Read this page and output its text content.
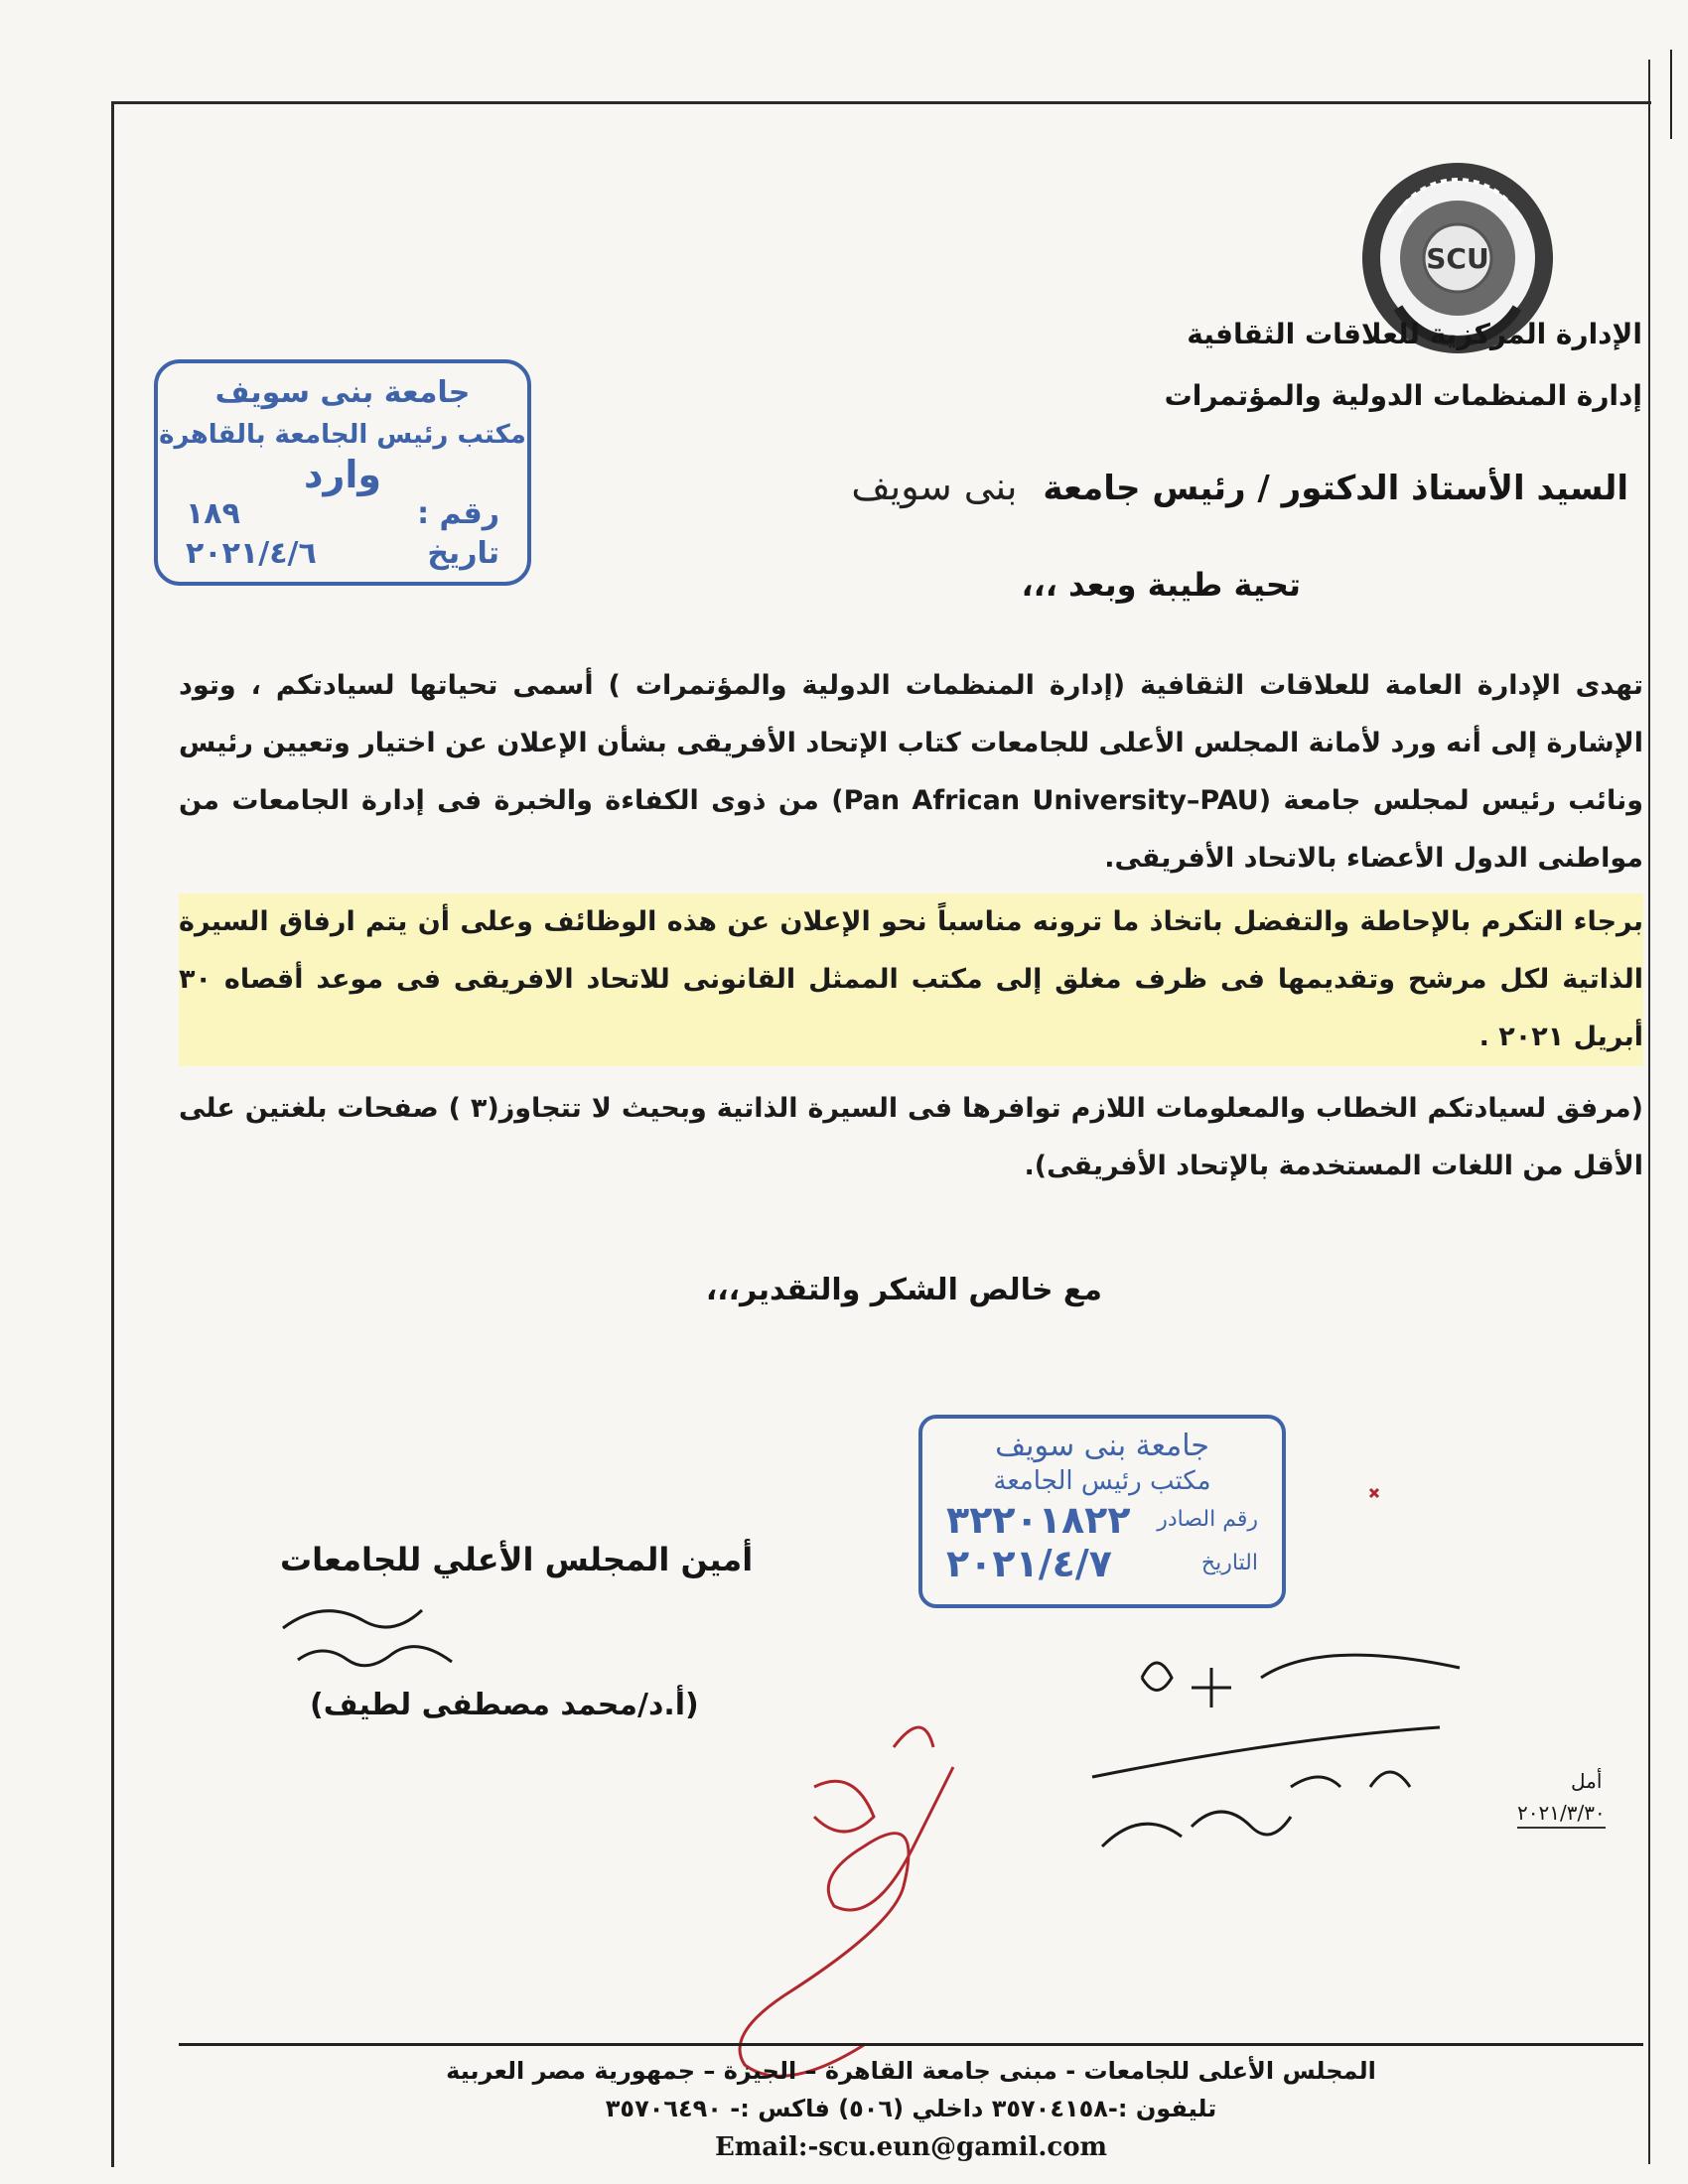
SCU
الإدارة المركزية للعلاقات الثقافية
إدارة المنظمات الدولية والمؤتمرات
جامعة بنى سويف
مكتب رئيس الجامعة بالقاهرة
وارد
رقم :
١٨٩
تاريخ
٢٠٢١/٤/٦
السيد الأستاذ الدكتور / رئيس جامعة بنى سويف
تحية طيبة وبعد ،،،

تهدى الإدارة العامة للعلاقات الثقافية (إدارة المنظمات الدولية والمؤتمرات ) أسمى تحياتها لسيادتكم ، وتود الإشارة إلى أنه ورد لأمانة المجلس الأعلى للجامعات كتاب الإتحاد الأفريقى بشأن الإعلان عن اختيار وتعيين رئيس ونائب رئيس لمجلس جامعة (Pan African University–PAU) من ذوى الكفاءة والخبرة فى إدارة الجامعات من مواطنى الدول الأعضاء بالاتحاد الأفريقى.

برجاء التكرم بالإحاطة والتفضل باتخاذ ما ترونه مناسباً نحو الإعلان عن هذه الوظائف وعلى أن يتم ارفاق السيرة الذاتية لكل مرشح وتقديمها فى ظرف مغلق إلى مكتب الممثل القانونى للاتحاد الافريقى فى موعد أقصاه ٣٠ أبريل ٢٠٢١ .

(مرفق لسيادتكم الخطاب والمعلومات اللازم توافرها فى السيرة الذاتية وبحيث لا تتجاوز(٣ ) صفحات بلغتين على الأقل من اللغات المستخدمة بالإتحاد الأفريقى).

مع خالص الشكر والتقدير،،،
جامعة بنى سويف
مكتب رئيس الجامعة
رقم الصادر
٣٢٢٠١٨٢٢
التاريخ
٢٠٢١/٤/٧
أمين المجلس الأعلي للجامعات
(أ.د/محمد مصطفى لطيف)
أمل
٢٠٢١/٣/٣٠
المجلس الأعلى للجامعات - مبنى جامعة القاهرة – الجيزة – جمهورية مصر العربية
تليفون :-٣٥٧٠٤١٥٨ داخلي (٥٠٦) فاكس :- ٣٥٧٠٦٤٩٠
Email:-scu.eun@gamil.com
